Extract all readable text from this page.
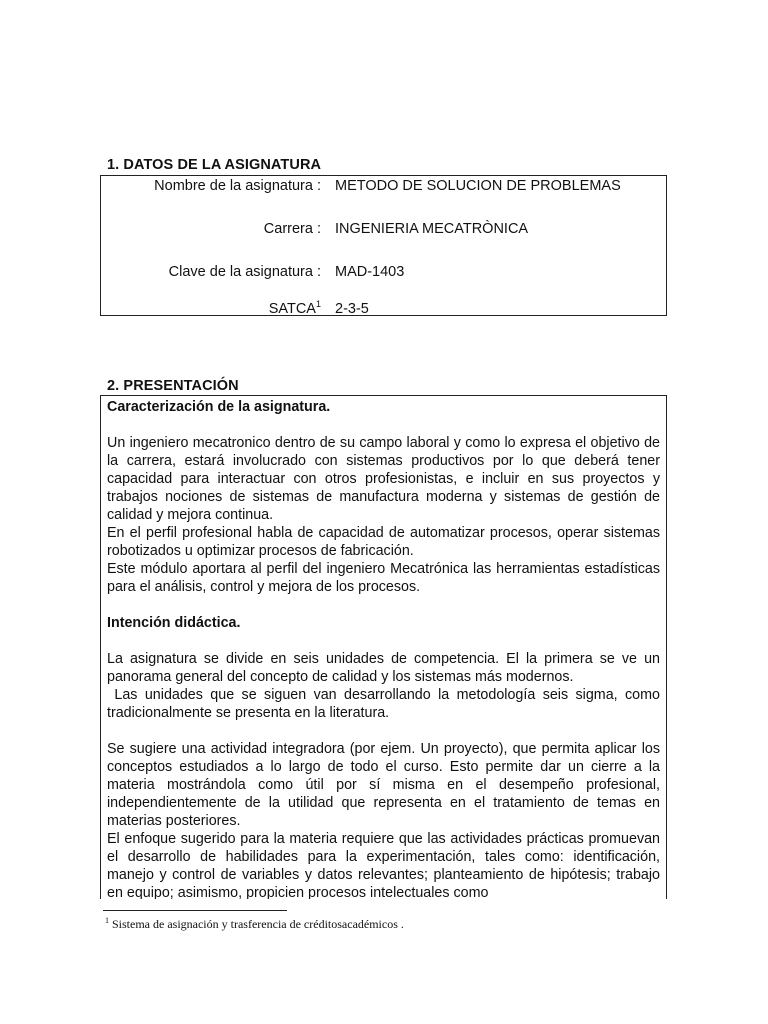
1. DATOS DE LA ASIGNATURA
Nombre de la asignatura : METODO DE SOLUCION DE PROBLEMAS
Carrera : INGENIERIA MECATRÒNICA
Clave de la asignatura : MAD-1403
SATCA$^1$ 2-3-5
2. PRESENTACIÓN

Caracterización de la asignatura.

Un ingeniero mecatronico dentro de su campo laboral y como lo expresa el objetivo de la carrera, estará involucrado con sistemas productivos por lo que deberá tener capacidad para interactuar con otros profesionistas, e incluir en sus proyectos y trabajos nociones de sistemas de manufactura moderna y sistemas de gestión de calidad y mejora continua.

En el perfil profesional habla de capacidad de automatizar procesos, operar sistemas robotizados u optimizar procesos de fabricación.

Este módulo aportara al perfil del ingeniero Mecatrónica las herramientas estadísticas para el análisis, control y mejora de los procesos.

Intención didáctica.

La asignatura se divide en seis unidades de competencia. El la primera se ve un panorama general del concepto de calidad y los sistemas más modernos.

Las unidades que se siguen van desarrollando la metodología seis sigma, como tradicionalmente se presenta en la literatura.

Se sugiere una actividad integradora (por ejem. Un proyecto), que permita aplicar los conceptos estudiados a lo largo de todo el curso. Esto permite dar un cierre a la materia mostrándola como útil por sí misma en el desempeño profesional, independientemente de la utilidad que representa en el tratamiento de temas en materias posteriores.

El enfoque sugerido para la materia requiere que las actividades prácticas promuevan el desarrollo de habilidades para la experimentación, tales como: identificación, manejo y control de variables y datos relevantes; planteamiento de hipótesis; trabajo en equipo; asimismo, propicien procesos intelectuales como

$^1$ Sistema de asignación y trasferencia de créditosacadémicos .
